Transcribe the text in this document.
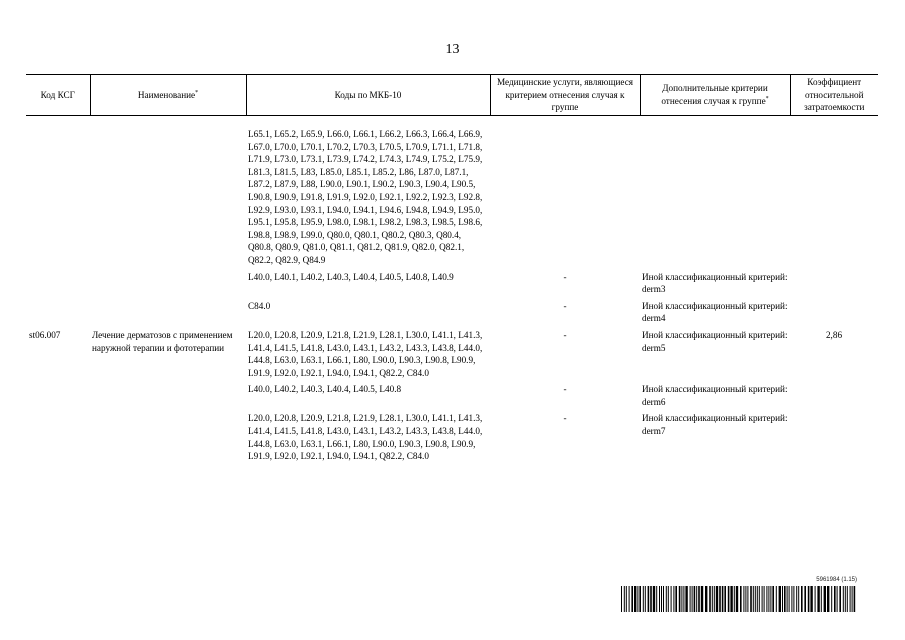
13
Код КСГ	Наименование*	Коды по МКБ-10	Медицинские услуги, являющиеся критерием отнесения случая к группе	Дополнительные критерии отнесения случая к группе*	Коэффициент относительной затратоемкости

		L65.1, L65.2, L65.9, L66.0, L66.1, L66.2, L66.3, L66.4, L66.9, L67.0, L70.0, L70.1, L70.2, L70.3, L70.5, L70.9, L71.1, L71.8, L71.9, L73.0, L73.1, L73.9, L74.2, L74.3, L74.9, L75.2, L75.9, L81.3, L81.5, L83, L85.0, L85.1, L85.2, L86, L87.0, L87.1, L87.2, L87.9, L88, L90.0, L90.1, L90.2, L90.3, L90.4, L90.5, L90.8, L90.9, L91.8, L91.9, L92.0, L92.1, L92.2, L92.3, L92.8, L92.9, L93.0, L93.1, L94.0, L94.1, L94.6, L94.8, L94.9, L95.0, L95.1, L95.8, L95.9, L98.0, L98.1, L98.2, L98.3, L98.5, L98.6, L98.8, L98.9, L99.0, Q80.0, Q80.1, Q80.2, Q80.3, Q80.4, Q80.8, Q80.9, Q81.0, Q81.1, Q81.2, Q81.9, Q82.0, Q82.1, Q82.2, Q82.9, Q84.9			
		L40.0, L40.1, L40.2, L40.3, L40.4, L40.5, L40.8, L40.9	-	Иной классификационный критерий: derm3	
		C84.0	-	Иной классификационный критерий: derm4	
st06.007	Лечение дерматозов с применением наружной терапии и фототерапии	L20.0, L20.8, L20.9, L21.8, L21.9, L28.1, L30.0, L41.1, L41.3, L41.4, L41.5, L41.8, L43.0, L43.1, L43.2, L43.3, L43.8, L44.0, L44.8, L63.0, L63.1, L66.1, L80, L90.0, L90.3, L90.8, L90.9, L91.9, L92.0, L92.1, L94.0, L94.1, Q82.2, C84.0	-	Иной классификационный критерий: derm5	2,86
		L40.0, L40.2, L40.3, L40.4, L40.5, L40.8	-	Иной классификационный критерий: derm6	
		L20.0, L20.8, L20.9, L21.8, L21.9, L28.1, L30.0, L41.1, L41.3, L41.4, L41.5, L41.8, L43.0, L43.1, L43.2, L43.3, L43.8, L44.0, L44.8, L63.0, L63.1, L66.1, L80, L90.0, L90.3, L90.8, L90.9, L91.9, L92.0, L92.1, L94.0, L94.1, Q82.2, C84.0	-	Иной классификационный критерий: derm7	
5961984 (1.15)
